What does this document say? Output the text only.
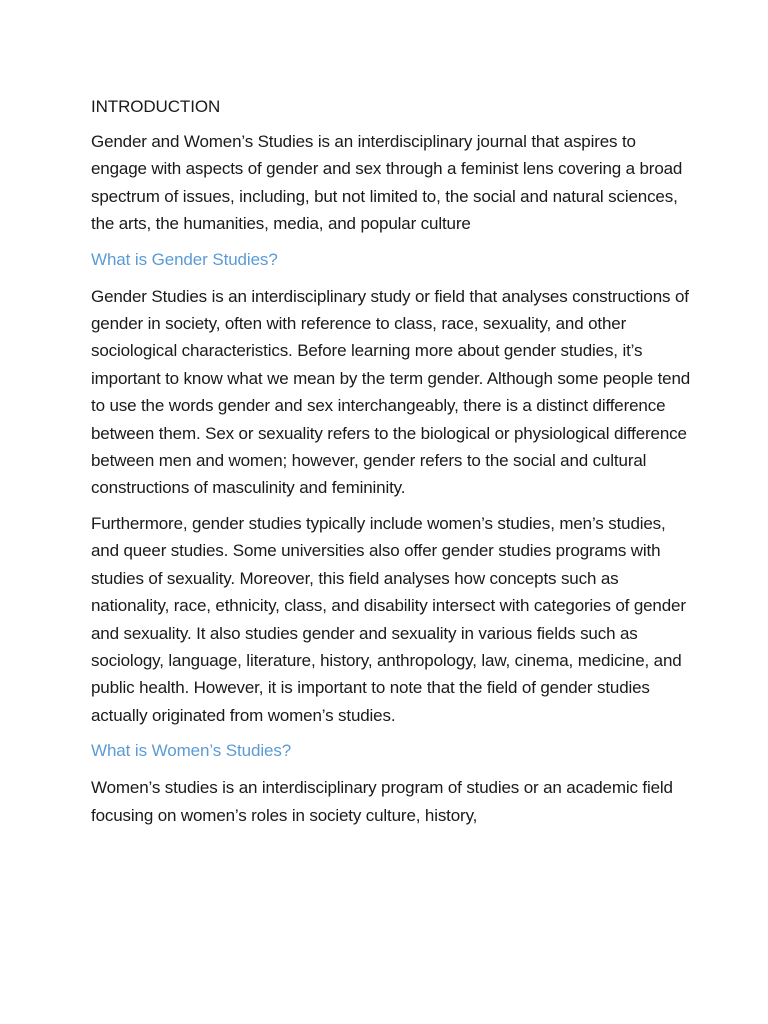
INTRODUCTION

Gender and Women’s Studies is an interdisciplinary journal that aspires to engage with aspects of gender and sex through a feminist lens covering a broad spectrum of issues, including, but not limited to, the social and natural sciences, the arts, the humanities, media, and popular culture

What is Gender Studies?

Gender Studies is an interdisciplinary study or field that analyses constructions of gender in society, often with reference to class, race, sexuality, and other sociological characteristics. Before learning more about gender studies, it’s important to know what we mean by the term gender. Although some people tend to use the words gender and sex interchangeably, there is a distinct difference between them. Sex or sexuality refers to the biological or physiological difference between men and women; however, gender refers to the social and cultural constructions of masculinity and femininity.

Furthermore, gender studies typically include women’s studies, men’s studies, and queer studies. Some universities also offer gender studies programs with studies of sexuality. Moreover, this field analyses how concepts such as nationality, race, ethnicity, class, and disability intersect with categories of gender and sexuality. It also studies gender and sexuality in various fields such as sociology, language, literature, history, anthropology, law, cinema, medicine, and public health. However, it is important to note that the field of gender studies actually originated from women’s studies.

What is Women’s Studies?

Women’s studies is an interdisciplinary program of studies or an academic field focusing on women’s roles in society culture, history,
